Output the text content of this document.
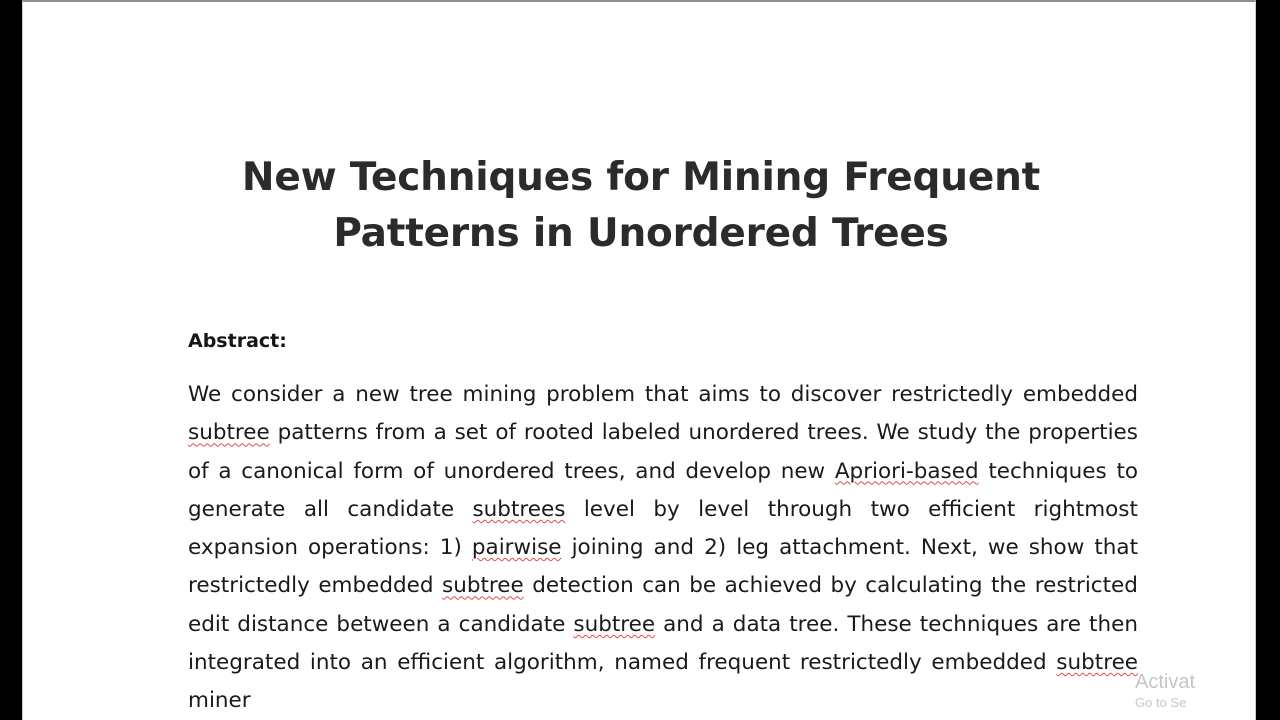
New Techniques for Mining Frequent Patterns in Unordered Trees
Abstract:
We consider a new tree mining problem that aims to discover restrictedly embedded subtree patterns from a set of rooted labeled unordered trees. We study the properties of a canonical form of unordered trees, and develop new Apriori-based techniques to generate all candidate subtrees level by level through two efficient rightmost expansion operations: 1) pairwise joining and 2) leg attachment. Next, we show that restrictedly embedded subtree detection can be achieved by calculating the restricted edit distance between a candidate subtree and a data tree. These techniques are then integrated into an efficient algorithm, named frequent restrictedly embedded subtree miner
Activat
Go to Se
